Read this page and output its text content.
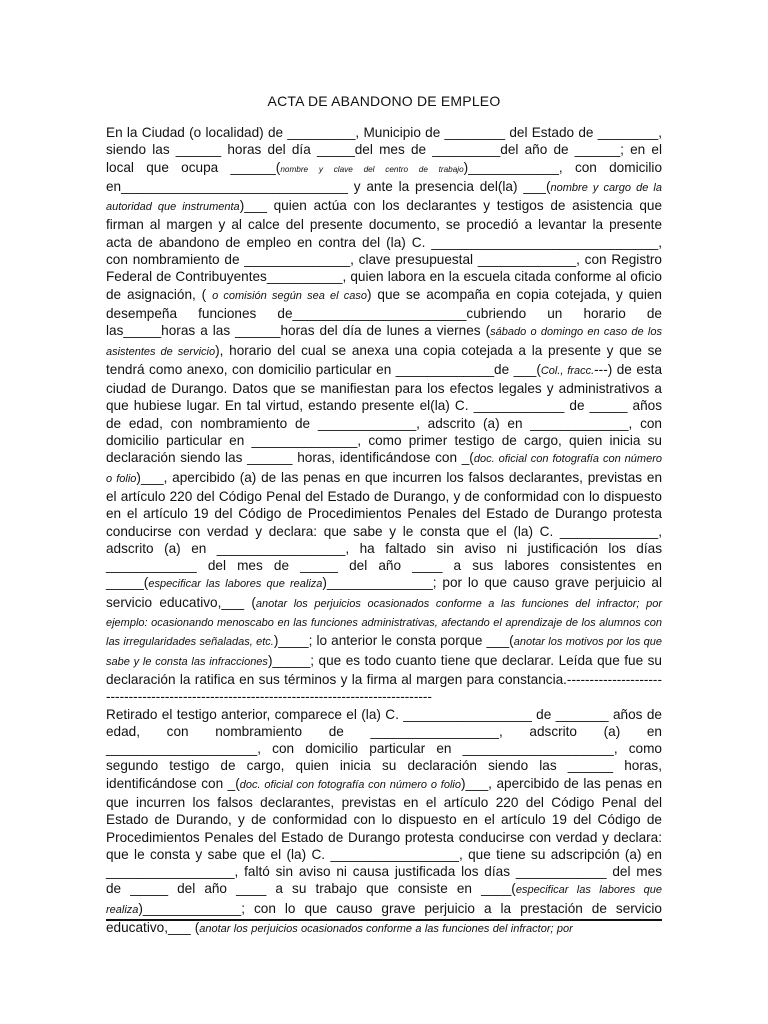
ACTA DE ABANDONO DE EMPLEO

En la Ciudad (o localidad) de _________, Municipio de ________ del Estado de ________, siendo las ______ horas del día _____del mes de _________del año de ______; en el local que ocupa ______(nombre y clave del centro de trabajo)____________, con domicilio en______________________________ y ante la presencia del(la) ___(nombre y cargo de la autoridad que instrumenta)___ quien actúa con los declarantes y testigos de asistencia que firman al margen y al calce del presente documento, se procedió a levantar la presente acta de abandono de empleo en contra del (la) C. ______________________________, con nombramiento de ______________, clave presupuestal _____________, con Registro Federal de Contribuyentes__________, quien labora en la escuela citada conforme al oficio de asignación, ( o comisión según sea el caso) que se acompaña en copia cotejada, y quien desempeña funciones de_______________________cubriendo un horario de las_____horas a las ______horas del día de lunes a viernes (sábado o domingo en caso de los asistentes de servicio), horario del cual se anexa una copia cotejada a la presente y que se tendrá como anexo, con domicilio particular en _____________de ___(Col., fracc.---) de esta ciudad de Durango. Datos que se manifiestan para los efectos legales y administrativos a que hubiese lugar. En tal virtud, estando presente el(la) C. ____________ de _____ años de edad, con nombramiento de _____________, adscrito (a) en _____________, con domicilio particular en ______________, como primer testigo de cargo, quien inicia su declaración siendo las ______ horas, identificándose con _(doc. oficial con fotografía con número o folio)___, apercibido (a) de las penas en que incurren los falsos declarantes, previstas en el artículo 220 del Código Penal del Estado de Durango, y de conformidad con lo dispuesto en el artículo 19 del Código de Procedimientos Penales del Estado de Durango protesta conducirse con verdad y declara: que sabe y le consta que el (la) C. _____________, adscrito (a) en _________________, ha faltado sin aviso ni justificación los días ____________ del mes de _____ del año ____ a sus labores consistentes en _____(especificar las labores que realiza)______________; por lo que causo grave perjuicio al servicio educativo,___ (anotar los perjuicios ocasionados conforme a las funciones del infractor; por ejemplo: ocasionando menoscabo en las funciones administrativas, afectando el aprendizaje de los alumnos con las irregularidades señaladas, etc.)____; lo anterior le consta porque ___(anotar los motivos por los que sabe y le consta las infracciones)_____; que es todo cuanto tiene que declarar. Leída que fue su declaración la ratifica en sus términos y la firma al margen para constancia.---------------------------------------------------------------------------------------------

Retirado el testigo anterior, comparece el (la) C. _________________ de _______ años de edad, con nombramiento de _________________, adscrito (a) en ____________________, con domicilio particular en ____________________, como segundo testigo de cargo, quien inicia su declaración siendo las ______ horas, identificándose con _(doc. oficial con fotografía con número o folio)___, apercibido de las penas en que incurren los falsos declarantes, previstas en el artículo 220 del Código Penal del Estado de Durando, y de conformidad con lo dispuesto en el artículo 19 del Código de Procedimientos Penales del Estado de Durango protesta conducirse con verdad y declara: que le consta y sabe que el (la) C. _________________, que tiene su adscripción (a) en _________________, faltó sin aviso ni causa justificada los días ____________ del mes de _____ del año ____ a su trabajo que consiste en ____(especificar las labores que realiza)_____________; con lo que causo grave perjuicio a la prestación de servicio educativo,___ (anotar los perjuicios ocasionados conforme a las funciones del infractor; por
